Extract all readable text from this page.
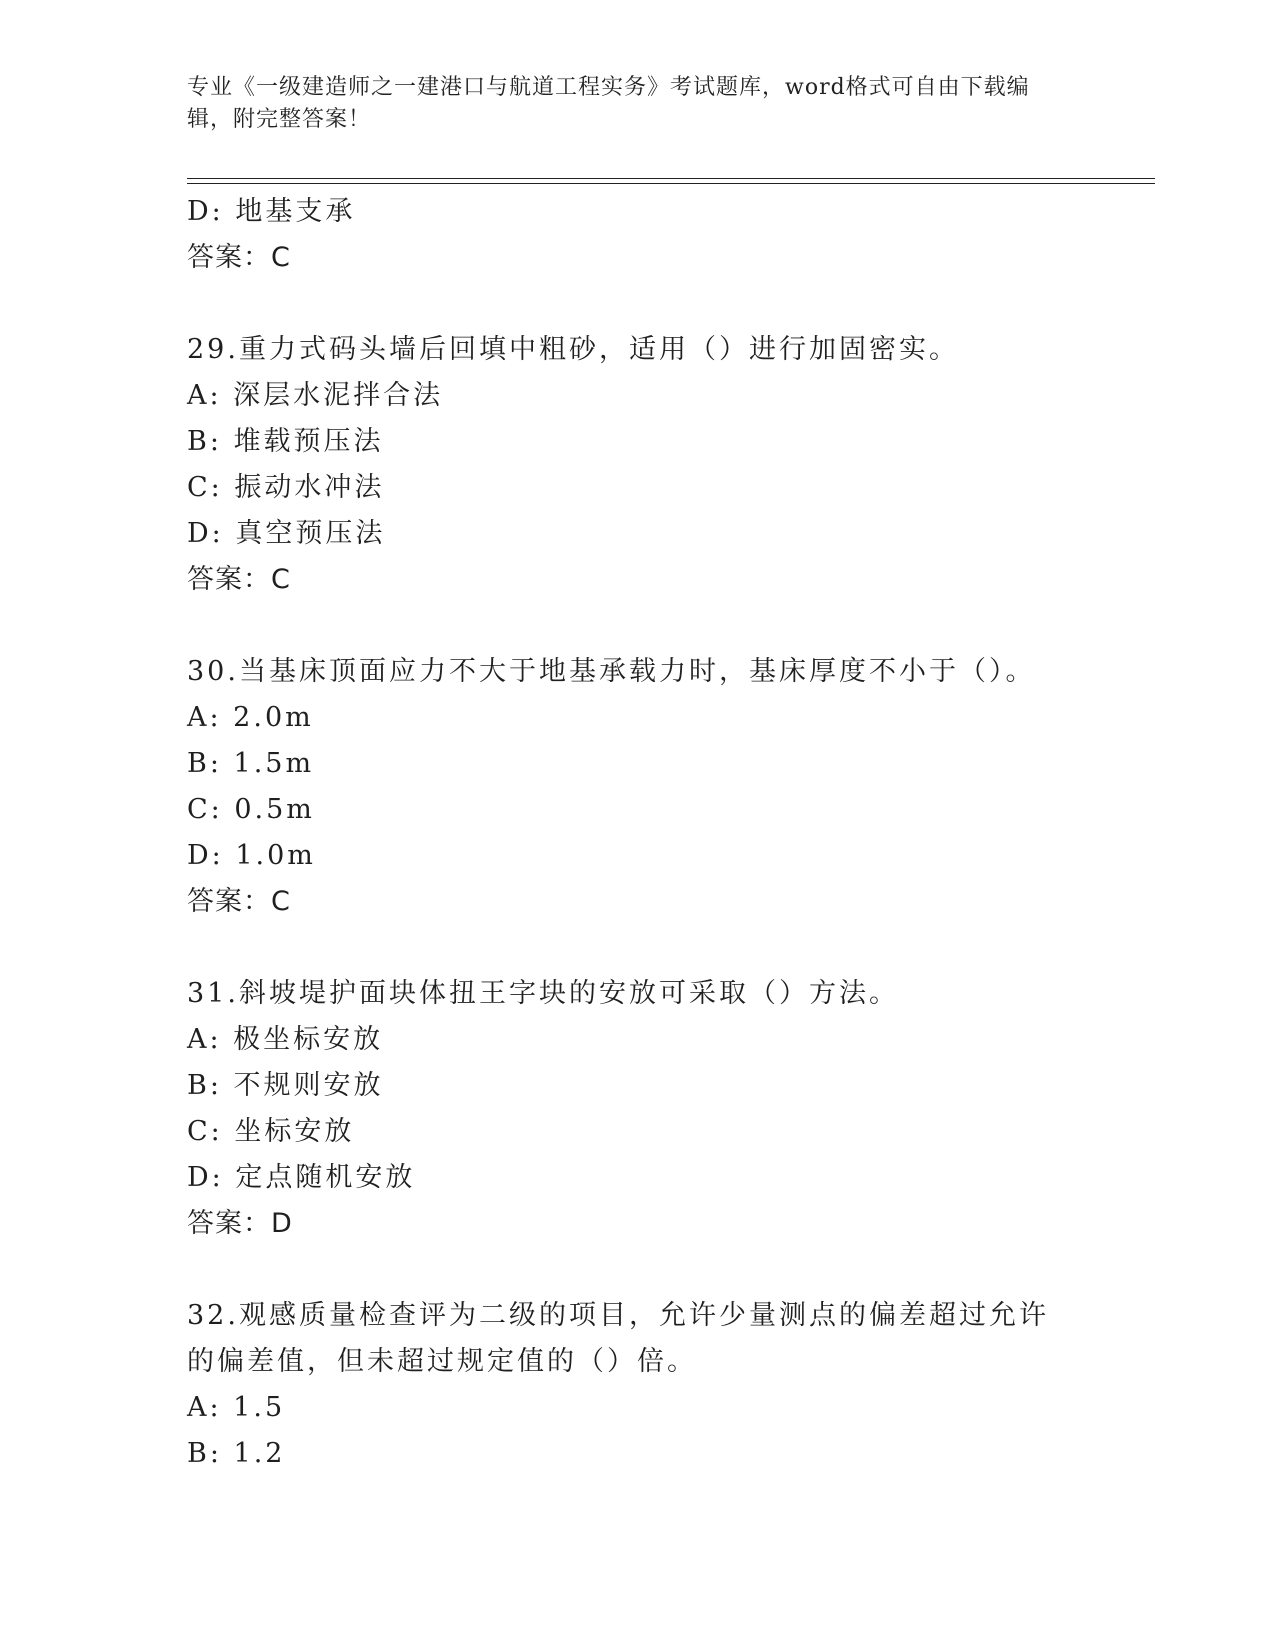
专业《一级建造师之一建港口与航道工程实务》考试题库，word格式可自由下载编辑，附完整答案！
D: 地基支承
答案：C
29.重力式码头墙后回填中粗砂，适用（）进行加固密实。
A: 深层水泥拌合法
B: 堆载预压法
C: 振动水冲法
D: 真空预压法
答案：C
30.当基床顶面应力不大于地基承载力时，基床厚度不小于（）。
A: 2.0m
B: 1.5m
C: 0.5m
D: 1.0m
答案：C
31.斜坡堤护面块体扭王字块的安放可采取（）方法。
A: 极坐标安放
B: 不规则安放
C: 坐标安放
D: 定点随机安放
答案：D
32.观感质量检查评为二级的项目，允许少量测点的偏差超过允许的偏差值，但未超过规定值的（）倍。
A: 1.5
B: 1.2
